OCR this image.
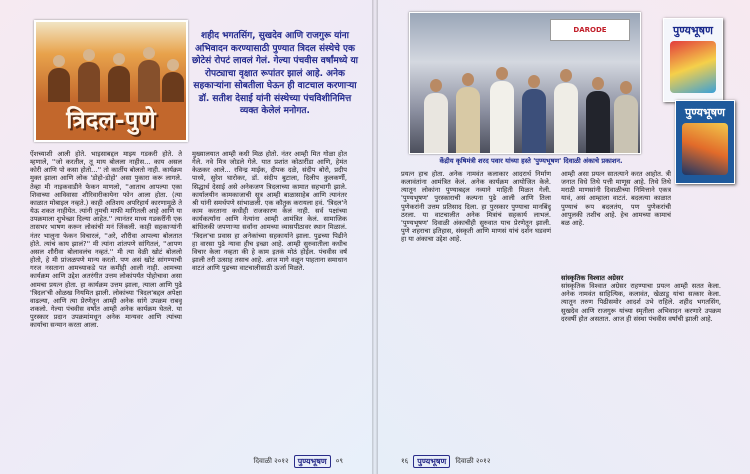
त्रिदल-पुणे
शहीद भगतसिंग, सुखदेव आणि राजगुरू यांना अभिवादन करण्यासाठी पुण्यात त्रिदल संस्थेचे एक छोटेसं रोपटं लावलं गेलं. गेल्या पंचवीस वर्षांमध्ये या रोपट्याचा वृक्षात रूपांतर झालं आहे. अनेक सहकाऱ्यांना सोबतीला घेऊन ही वाटचाल करणाऱ्या डॉ. सतीश देसाई यांनी संस्थेच्या पंचविशीनिमित्त व्यक्त केलेलं मनोगत.
ऐंशच्याशी आली होते. भाइसाबद्दल माझ्य गडकरी होते. ते म्हणाले, ''जो करतील, तू माय बोलला नाहीस... काय असल कोरी आणि पो कसा होतो...'' तो कार्तीय बोलतो नाही. कार्यक्रम मुक्त झाला आणि लोक 'डोहो-डोहो' असा पुकारा करू लागले. तेव्हा मी नाइकवाडीने फेकन माणलो, ''आताच आपल्या एका शिवाच्या आविवासा शौरिवारीकायेना फोन आला होता. (त्या काळात मोबाइल नव्हते.) काही अतिशय अपरिहार्य कारणामुळे ते येऊ शकत नाहीयेत. त्यांनी तुमची माफी मागितली आहे आणि या उपक्रमाला शुभेच्छा दिल्या आहेत.'' त्यानंतर माध्य गडकरींनी एक तासभर भाषण करून लोकांची मनं जिंकली. काही सहकाऱ्यांनी नंतर भालुना फेकन विचारलं, ''अरे, शौरीवा आपल्या बोलतात होते. त्यांचं काय झालं?'' मी त्यांना शांतपणे सांगितलं, ''आपण असल शौरीवा बोलावलंच नव्हतं.'' मी त्या वेळी खोटं बोललो होतो, हे मी प्रांजळपणे मान्य करतो. पण असं खोटं सांगण्याची गरज नसताना आमच्याकडे पत कमीही आली नाही. आमच्या कार्यक्रम आणि उद्देश अतरंगीत उत्तम लोकांपर्यंत पोहोचावा असा आमचा प्रयत्न होता. हा कार्यक्रम उत्तम झाला, त्याला आणि पुढे 'त्रिदल'ची ओळख नियमित झाली. लोकांच्या 'त्रिदल'बद्दल अपेक्षा वाढल्या, आणि त्या प्रेरणेतून आम्ही अनेक सांगे उपक्रम राबवू शकलो. गेल्या पंचवीस वर्षांत आम्ही अनेक कार्यक्रम घेतले. या पुरस्कार प्रदान उपक्रमांमधून अनेक मान्यवर आणि त्यांच्या कार्याचा सन्मान करता आला.
मुख्यालयात आम्ही कधी मिळ होतो. नंतर आम्ही मित गोळा होत गेले. नवे मित्र जोडले गेले. यात प्रशांत कोठारींडा आणि, हेमंत केळकर आले... रविन्द्र माईक, दीपक दळे, संदीप बोरो, प्रदीप पाध्ये, सुरेश घारोकर, डॉ. संदीप बुटाला, दिलीप कुलकर्णी, सिद्धार्थ देसाई असे अनेकजण त्रिदलाच्या कामात सहभागी झाले. कार्यालयीन कामकाजाची सूत्र आम्ही बाळासाहेब आणि त्यानंतर श्री यांनी समर्थपणे सांभाळली. एक कौतुक करायला हवं. 'त्रिदल'ने काम करताना कधीही राजकारण केलं नाही. सर्व पक्षांच्या कार्यकर्त्यांना आणि नेत्यांना आम्ही आमंत्रित केलं. सामाजिक बांधिलकी जपणाऱ्या सर्वांना आमच्या व्यासपीठावर स्थान मिळालं. 'त्रिदल'चा प्रवास हा अनेकांच्या सहकार्याने झाला. पुढच्या पिढीने हा वारसा पुढे न्यावा हीच इच्छा आहे. आम्ही सुरुवातीला कधीच विचार केला नव्हता की हे काम इतकं मोठं होईल. पंचवीस वर्षं झाली तरी उत्साह तसाच आहे. आज मागे वळून पाहताना समाधान वाटतं आणि पुढच्या वाटचालीसाठी ऊर्जा मिळते.
दिवाळी २०१२	पुण्यभूषण	०९
DARODE
केंद्रीय कृषिमंत्री शरद पवार यांच्या हस्ते 'पुण्यभूषण' दिवाळी अंकाचे प्रकाशन.
पुण्यभूषण
पुण्यभूषण
प्रयत्न हाच होता. अनेक नामवंत कलाकार आदरार्थ निर्माण कलावंतांना आमंत्रित केलं. अनेक कार्यक्रम आयोजित केले. त्यातून लोकांना पुण्याबद्दल नव्याने माहिती मिळत गेली. 'पुण्यभूषण' पुरस्काराची कल्पना पुढे आली आणि तिला पुणेकरांनी उत्तम प्रतिसाद दिला. हा पुरस्कार पुण्याचा मानबिंदू ठरला. या वाटचालीत अनेक मित्रांचं सहकार्य लाभलं. 'पुण्यभूषण' दिवाळी अंकाचीही सुरुवात याच प्रेरणेतून झाली. पुणे शहराचा इतिहास, संस्कृती आणि माणसं यांचं दर्शन घडवणं हा या अंकाचा उद्देश आहे.
आम्ही असा प्रयत्न सातत्याने करत आहोत. त्री जनात विधे तिथे पत्ती माणूस आहे. तिथे तिथे मराठी माणसांनी दिवाळीच्या निमित्ताने एकत्र यावं, असं आम्हाला वाटतं. बदलत्या काळात पुण्याचं रूप बदलतंय, पण पुणेकरांची आपुलकी तशीच आहे. हेच आमच्या कामाचं बळ आहे.
सांस्कृतिक विश्वात अग्रेसर
सांस्कृतिक विश्वात अग्रेसर राहण्याचा प्रयत्न आम्ही सतत केला. अनेक नामवंत साहित्यिक, कलावंत, खेळाडू यांचा सत्कार केला. त्यातून तरुण पिढीसमोर आदर्श उभे राहिले. शहीद भगतसिंग, सुखदेव आणि राजगुरू यांच्या स्मृतीला अभिवादन करणारे उपक्रम दरवर्षी होत असतात. आज ही संस्था पंचवीस वर्षांची झाली आहे.
१६	पुण्यभूषण	दिवाळी २०१२
